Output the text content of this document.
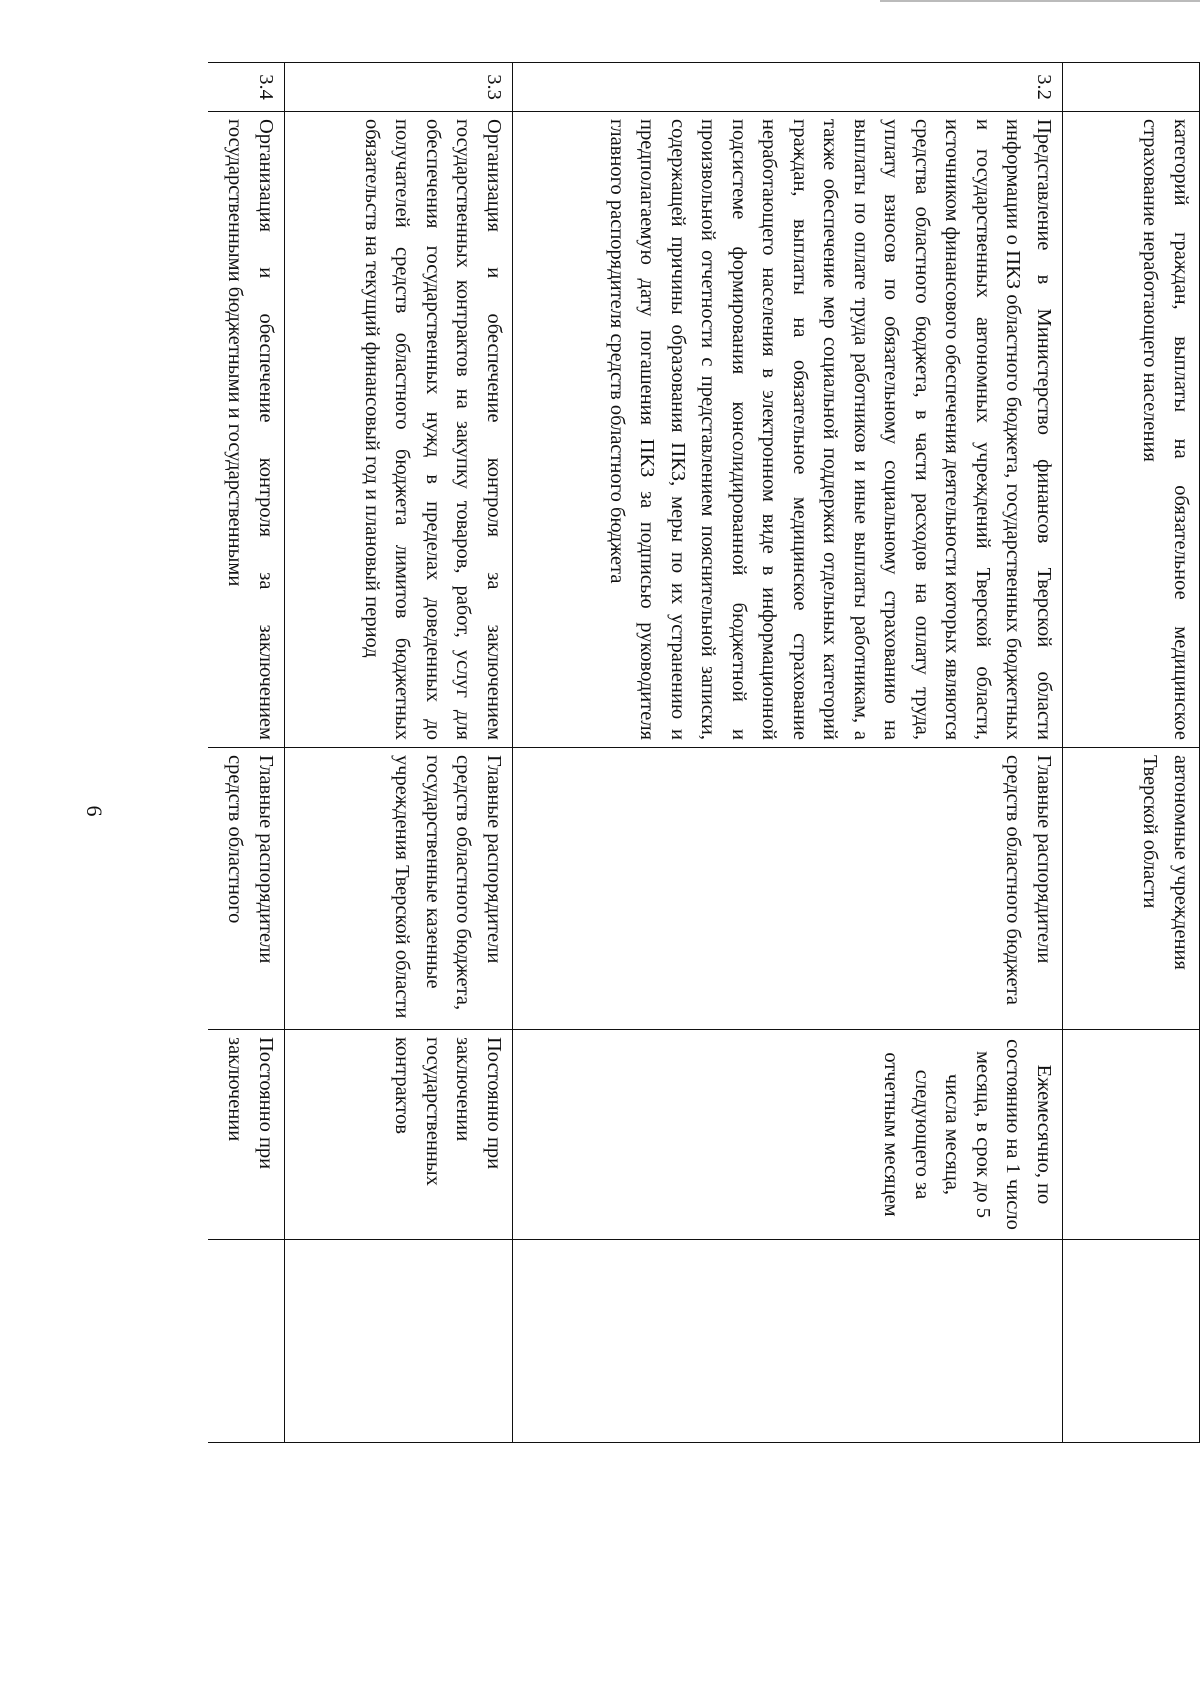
6
	категорий граждан, выплаты на обязательное медицинское страхование неработающего населения	автономные учреждения Тверской области		
3.2	Представление в Министерство финансов Тверской области информации о ПКЗ областного бюджета, государственных бюджетных и государственных автономных учреждений Тверской области, источником финансового обеспечения деятельности которых являются средства областного бюджета, в части расходов на оплату труда, уплату взносов по обязательному социальному страхованию на выплаты по оплате труда работников и иные выплаты работникам, а также обеспечение мер социальной поддержки отдельных категорий граждан, выплаты на обязательное медицинское страхование неработающего населения в электронном виде в информационной подсистеме формирования консолидированной бюджетной и произвольной отчетности с представлением пояснительной записки, содержащей причины образования ПКЗ, меры по их устранению и предполагаемую дату погашения ПКЗ за подписью руководителя главного распорядителя средств областного бюджета	Главные распорядители средств областного бюджета	Ежемесячно, по состоянию на 1 число месяца, в срок до 5 числа месяца, следующего за отчетным месяцем	
3.3	Организация и обеспечение контроля за заключением государственных контрактов на закупку товаров, работ, услуг для обеспечения государственных нужд в пределах доведенных до получателей средств областного бюджета лимитов бюджетных обязательств на текущий финансовый год и плановый период	Главные распорядители средств областного бюджета, государственные казенные учреждения Тверской области	Постоянно при заключении государственных контрактов	
3.4	Организация и обеспечение контроля за заключением государственными бюджетными и государственными	Главные распорядители средств областного	Постоянно при заключении	
